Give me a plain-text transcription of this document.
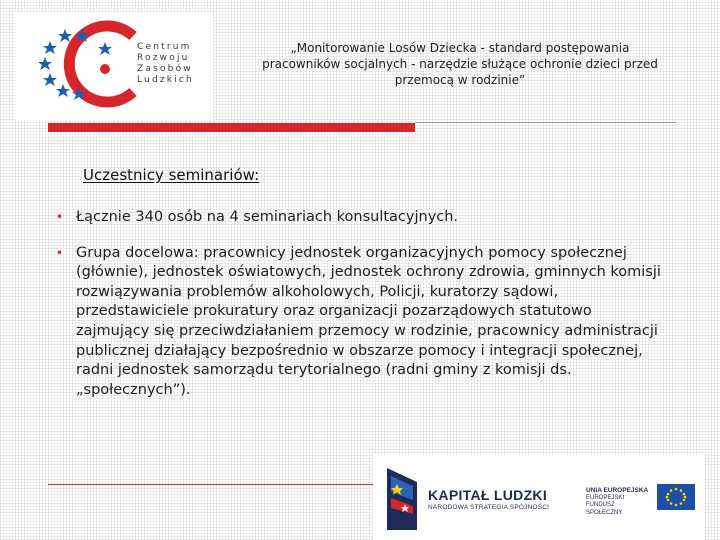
Centrum
Rozwoju
Zasobów
Ludzkich
„Monitorowanie Losów Dziecka - standard postępowania
pracowników socjalnych - narzędzie służące ochronie dzieci przed
przemocą w rodzinie”
Uczestnicy seminariów:
• Łącznie 340 osób na 4 seminariach konsultacyjnych.
• Grupa docelowa: pracownicy jednostek organizacyjnych pomocy społecznej (głównie), jednostek oświatowych, jednostek ochrony zdrowia, gminnych komisji rozwiązywania problemów alkoholowych, Policji, kuratorzy sądowi, przedstawiciele prokuratury oraz organizacji pozarządowych statutowo zajmujący się przeciwdziałaniem przemocy w rodzinie, pracownicy administracji publicznej działający bezpośrednio w obszarze pomocy i integracji społecznej, radni jednostek samorządu terytorialnego (radni gminy z komisji ds. „społecznych”).
KAPITAŁ LUDZKI
NARODOWA STRATEGIA SPÓJNOŚCI
UNIA EUROPEJSKA
EUROPEJSKI
FUNDUSZ SPOŁECZNY
